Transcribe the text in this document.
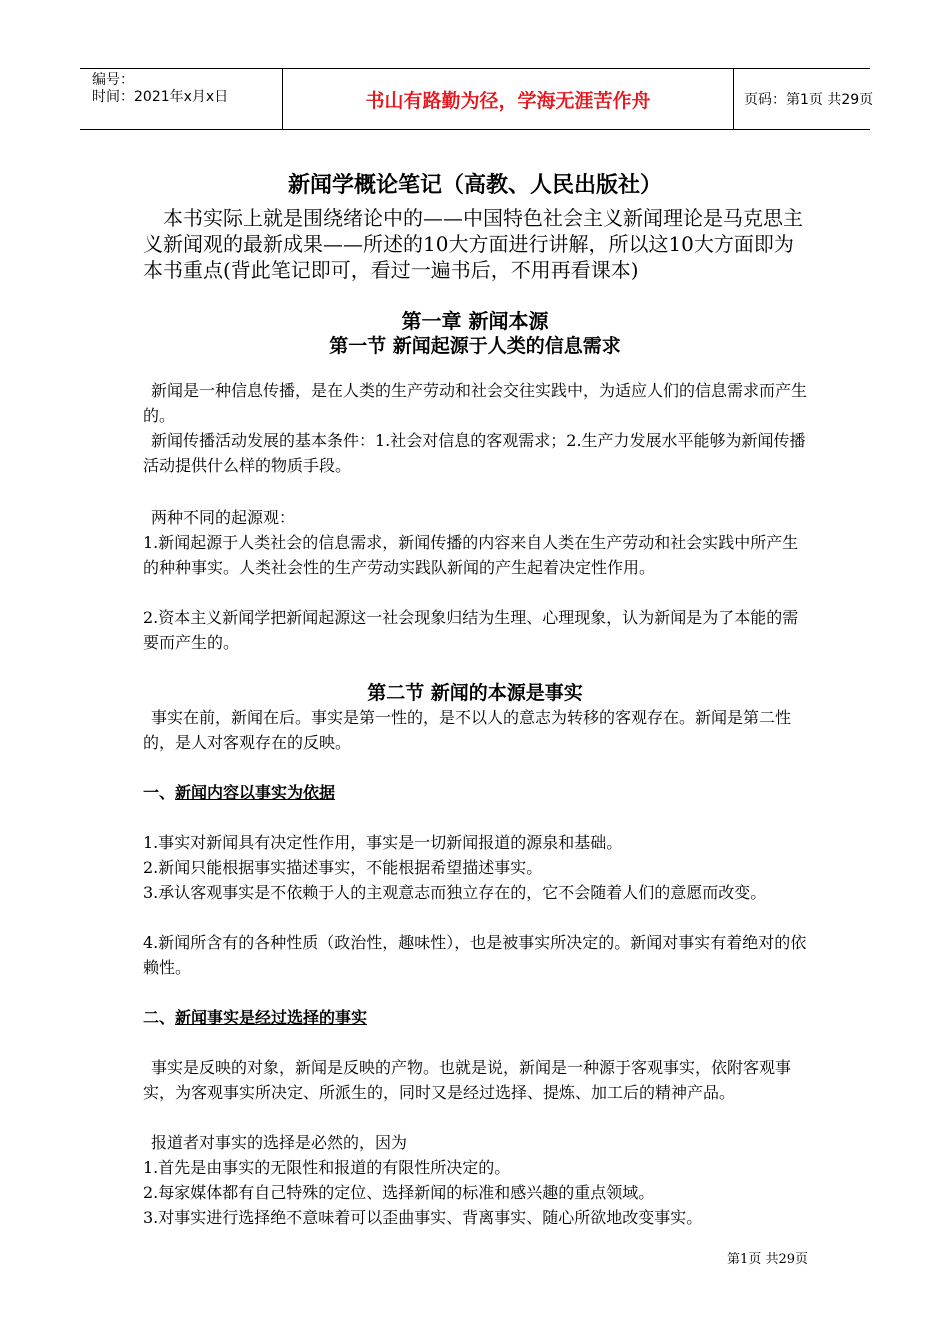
编号：
时间：2021年x月x日	书山有路勤为径，学海无涯苦作舟	页码：第1页 共29页
新闻学概论笔记（高教、人民出版社）
 本书实际上就是围绕绪论中的——中国特色社会主义新闻理论是马克思主义新闻观的最新成果——所述的10大方面进行讲解，所以这10大方面即为本书重点(背此笔记即可，看过一遍书后，不用再看课本)
第一章 新闻本源
第一节 新闻起源于人类的信息需求

 新闻是一种信息传播，是在人类的生产劳动和社会交往实践中，为适应人们的信息需求而产生的。

 新闻传播活动发展的基本条件：1.社会对信息的客观需求；2.生产力发展水平能够为新闻传播活动提供什么样的物质手段。

 两种不同的起源观：

1.新闻起源于人类社会的信息需求，新闻传播的内容来自人类在生产劳动和社会实践中所产生的种种事实。人类社会性的生产劳动实践队新闻的产生起着决定性作用。

2.资本主义新闻学把新闻起源这一社会现象归结为生理、心理现象，认为新闻是为了本能的需要而产生的。

第二节 新闻的本源是事实

 事实在前，新闻在后。事实是第一性的，是不以人的意志为转移的客观存在。新闻是第二性的，是人对客观存在的反映。

一、新闻内容以事实为依据

1.事实对新闻具有决定性作用，事实是一切新闻报道的源泉和基础。

2.新闻只能根据事实描述事实，不能根据希望描述事实。

3.承认客观事实是不依赖于人的主观意志而独立存在的，它不会随着人们的意愿而改变。

4.新闻所含有的各种性质（政治性，趣味性），也是被事实所决定的。新闻对事实有着绝对的依赖性。

二、新闻事实是经过选择的事实

 事实是反映的对象，新闻是反映的产物。也就是说，新闻是一种源于客观事实，依附客观事实，为客观事实所决定、所派生的，同时又是经过选择、提炼、加工后的精神产品。

 报道者对事实的选择是必然的，因为

1.首先是由事实的无限性和报道的有限性所决定的。

2.每家媒体都有自己特殊的定位、选择新闻的标准和感兴趣的重点领域。

3.对事实进行选择绝不意味着可以歪曲事实、背离事实、随心所欲地改变事实。

第1页 共29页
